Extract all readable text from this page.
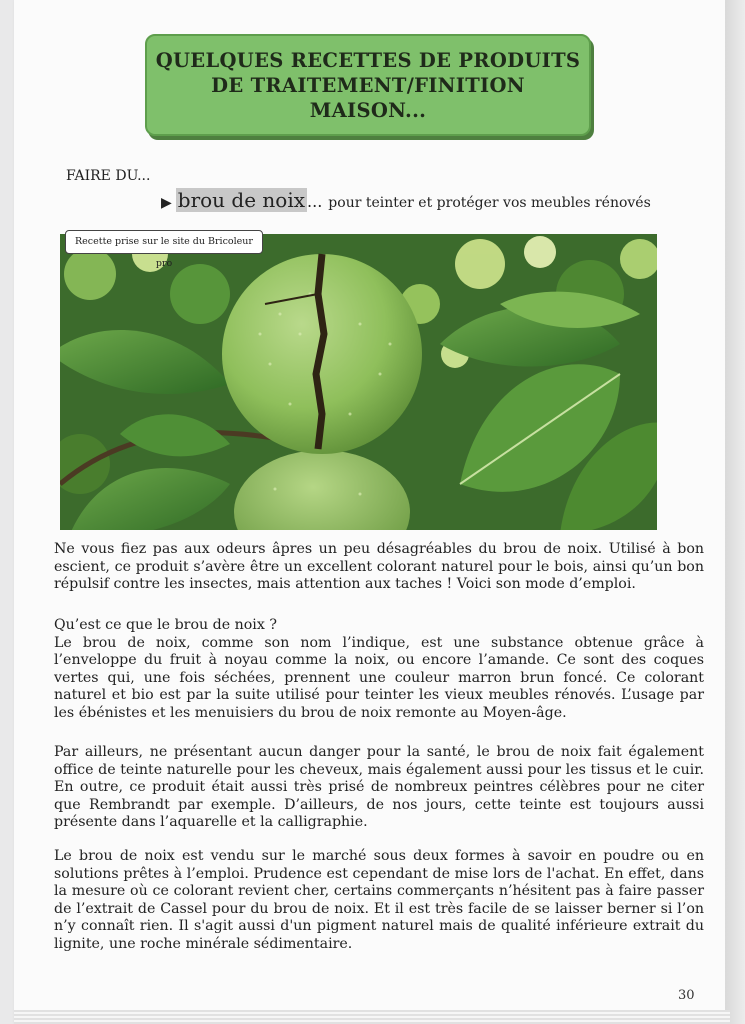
QUELQUES RECETTES DE PRODUITS
DE TRAITEMENT/FINITION
MAISON...
FAIRE DU...
▶ brou de noix ... pour teinter et protéger vos meubles rénovés
Recette prise sur le site du Bricoleur pro

Ne vous fiez pas aux odeurs âpres un peu désagréables du brou de noix. Utilisé à bon escient, ce produit s’avère être un excellent colorant naturel pour le bois, ainsi qu’un bon répulsif contre les insectes, mais attention aux taches ! Voici son mode d’emploi.

Qu’est ce que le brou de noix ?

Le brou de noix, comme son nom l’indique, est une substance obtenue grâce à l’enveloppe du fruit à noyau comme la noix, ou encore l’amande. Ce sont des coques vertes qui, une fois séchées, prennent une couleur marron brun foncé. Ce colorant naturel et bio est par la suite utilisé pour teinter les vieux meubles rénovés. L’usage par les ébénistes et les menuisiers du brou de noix remonte au Moyen-âge.

Par ailleurs, ne présentant aucun danger pour la santé, le brou de noix fait également office de teinte naturelle pour les cheveux, mais également aussi pour les tissus et le cuir. En outre, ce produit était aussi très prisé de nombreux peintres célèbres pour ne citer que Rembrandt par exemple. D’ailleurs, de nos jours, cette teinte est toujours aussi présente dans l’aquarelle et la calligraphie.

Le brou de noix est vendu sur le marché sous deux formes à savoir en poudre ou en solutions prêtes à l’emploi. Prudence est cependant de mise lors de l'achat. En effet, dans la mesure où ce colorant revient cher, certains commerçants n’hésitent pas à faire passer de l’extrait de Cassel pour du brou de noix. Et il est très facile de se laisser berner si l’on n’y connaît rien. Il s'agit aussi d'un pigment naturel mais de qualité inférieure extrait du lignite, une roche minérale sédimentaire.

30
